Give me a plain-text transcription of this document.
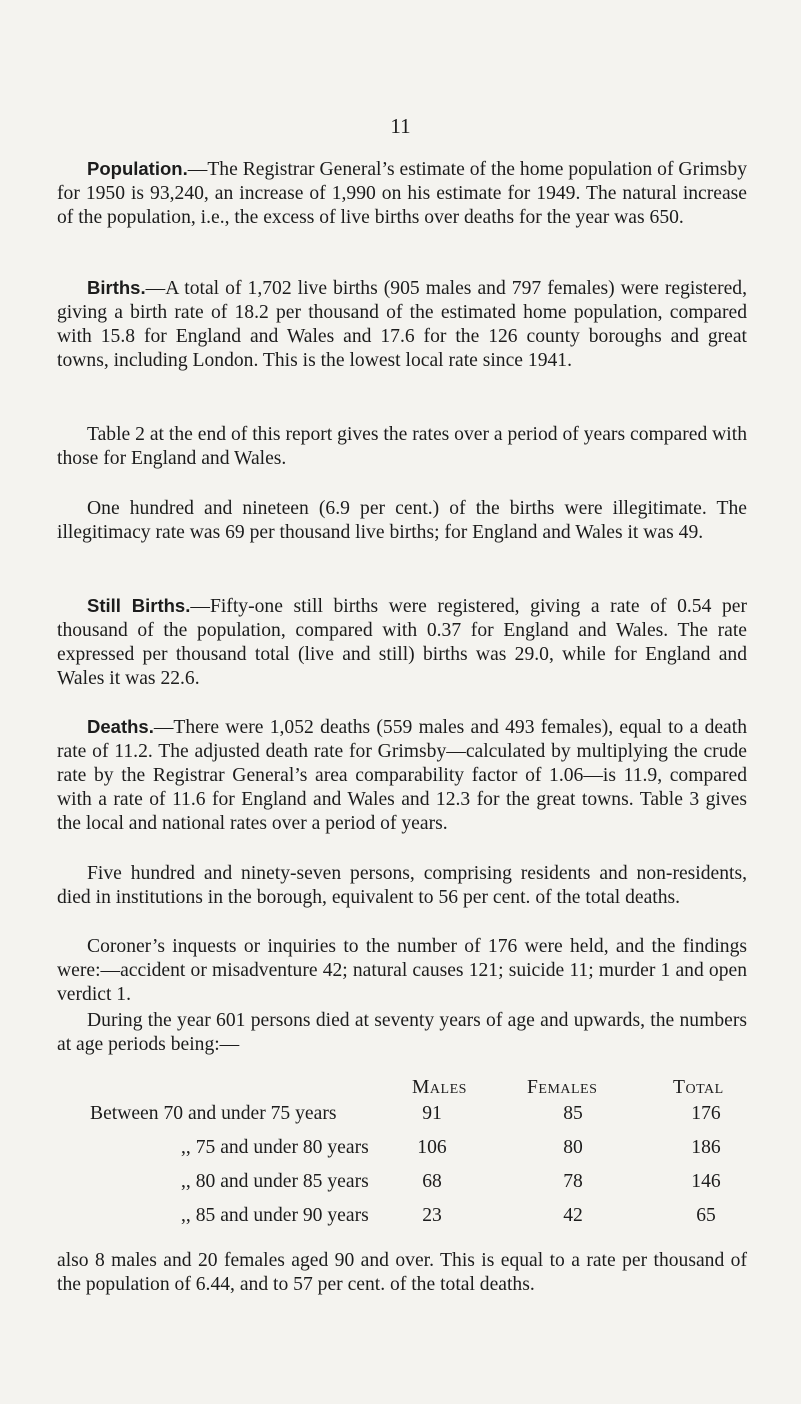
11

Population.—The Registrar General’s estimate of the home population of Grimsby for 1950 is 93,240, an increase of 1,990 on his estimate for 1949. The natural increase of the population, i.e., the excess of live births over deaths for the year was 650.

Births.—A total of 1,702 live births (905 males and 797 females) were registered, giving a birth rate of 18.2 per thousand of the estimated home population, compared with 15.8 for England and Wales and 17.6 for the 126 county boroughs and great towns, including London. This is the lowest local rate since 1941.

Table 2 at the end of this report gives the rates over a period of years compared with those for England and Wales.

One hundred and nineteen (6.9 per cent.) of the births were illegitimate. The illegitimacy rate was 69 per thousand live births; for England and Wales it was 49.

Still Births.—Fifty-one still births were registered, giving a rate of 0.54 per thousand of the population, compared with 0.37 for England and Wales. The rate expressed per thousand total (live and still) births was 29.0, while for England and Wales it was 22.6.

Deaths.—There were 1,052 deaths (559 males and 493 females), equal to a death rate of 11.2. The adjusted death rate for Grimsby—calculated by multiplying the crude rate by the Registrar General’s area comparability factor of 1.06—is 11.9, compared with a rate of 11.6 for England and Wales and 12.3 for the great towns. Table 3 gives the local and national rates over a period of years.

Five hundred and ninety-seven persons, comprising residents and non-residents, died in institutions in the borough, equivalent to 56 per cent. of the total deaths.

Coroner’s inquests or inquiries to the number of 176 were held, and the findings were:—accident or misadventure 42; natural causes 121; suicide 11; murder 1 and open verdict 1.

During the year 601 persons died at seventy years of age and upwards, the numbers at age periods being:—

Males	Females	Total
Between 70 and under 75 years	91	85	176
,, 75 and under 80 years	106	80	186
,, 80 and under 85 years	68	78	146
,, 85 and under 90 years	23	42	65

also 8 males and 20 females aged 90 and over. This is equal to a rate per thousand of the population of 6.44, and to 57 per cent. of the total deaths.
